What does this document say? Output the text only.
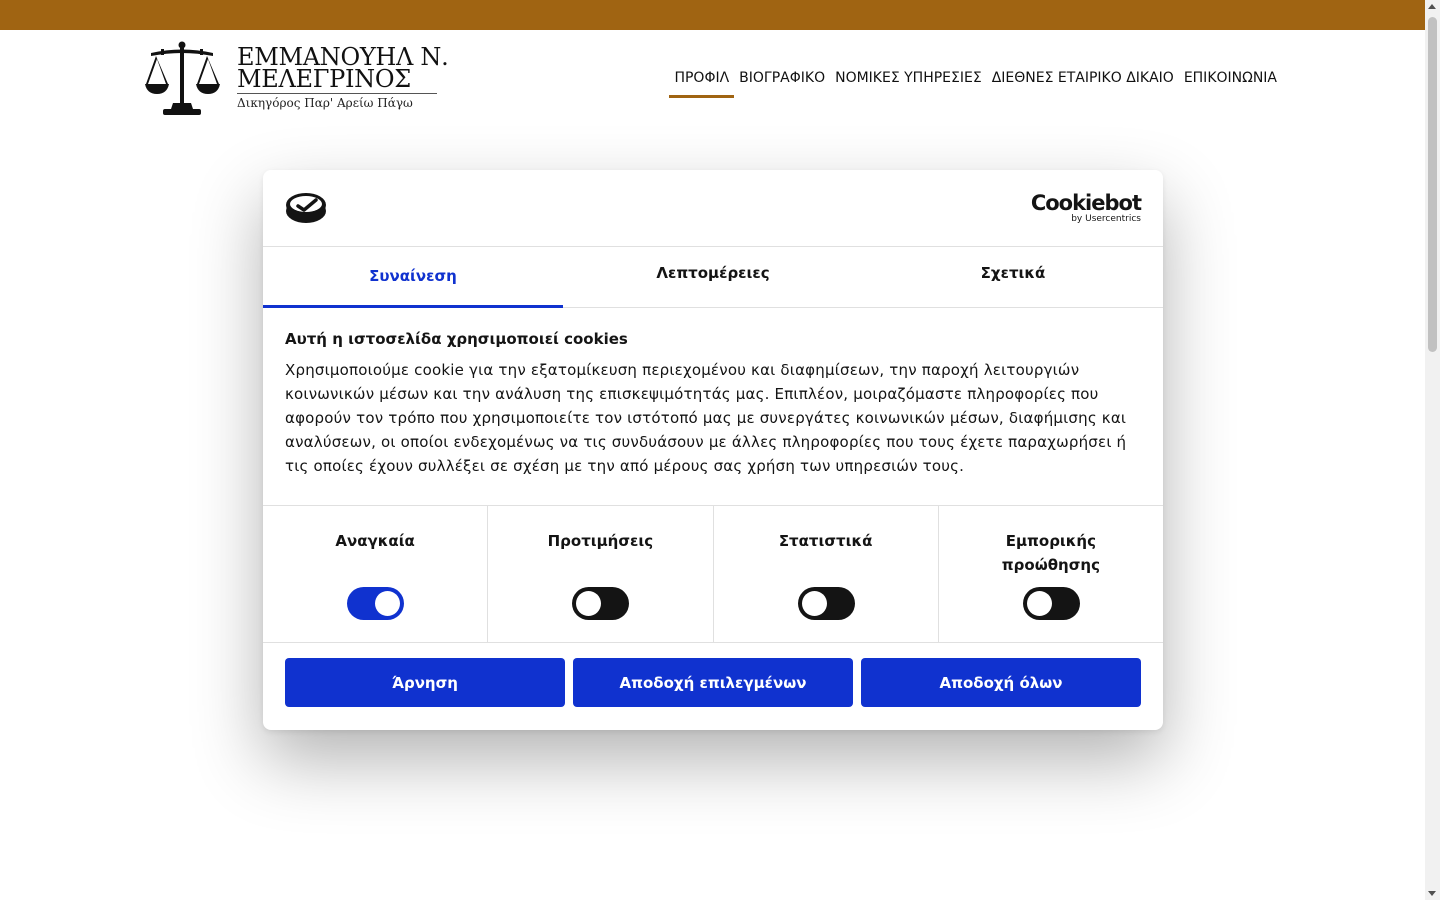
ΕΜΜΑΝΟΥΗΛ Ν.
ΜΕΛΕΓΡΙΝΟΣ
Δικηγόρος Παρ' Αρείω Πάγω
ΠΡΟΦΙΛ ΒΙΟΓΡΑΦΙΚΟ ΝΟΜΙΚΕΣ ΥΠΗΡΕΣΙΕΣ ΔΙΕΘΝΕΣ ΕΤΑΙΡΙΚΟ ΔΙΚΑΙΟ ΕΠΙΚΟΙΝΩΝΙΑ
Cookiebot
by Usercentrics
Συναίνεση	Λεπτομέρειες	Σχετικά
Αυτή η ιστοσελίδα χρησιμοποιεί cookies

Χρησιμοποιούμε cookie για την εξατομίκευση περιεχομένου και διαφημίσεων, την παροχή λειτουργιών κοινωνικών μέσων και την ανάλυση της επισκεψιμότητάς μας. Επιπλέον, μοιραζόμαστε πληροφορίες που αφορούν τον τρόπο που χρησιμοποιείτε τον ιστότοπό μας με συνεργάτες κοινωνικών μέσων, διαφήμισης και αναλύσεων, οι οποίοι ενδεχομένως να τις συνδυάσουν με άλλες πληροφορίες που τους έχετε παραχωρήσει ή τις οποίες έχουν συλλέξει σε σχέση με την από μέρους σας χρήση των υπηρεσιών τους.

Αναγκαία	Προτιμήσεις	Στατιστικά	Εμπορικής προώθησης
Άρνηση	Αποδοχή επιλεγμένων	Αποδοχή όλων
